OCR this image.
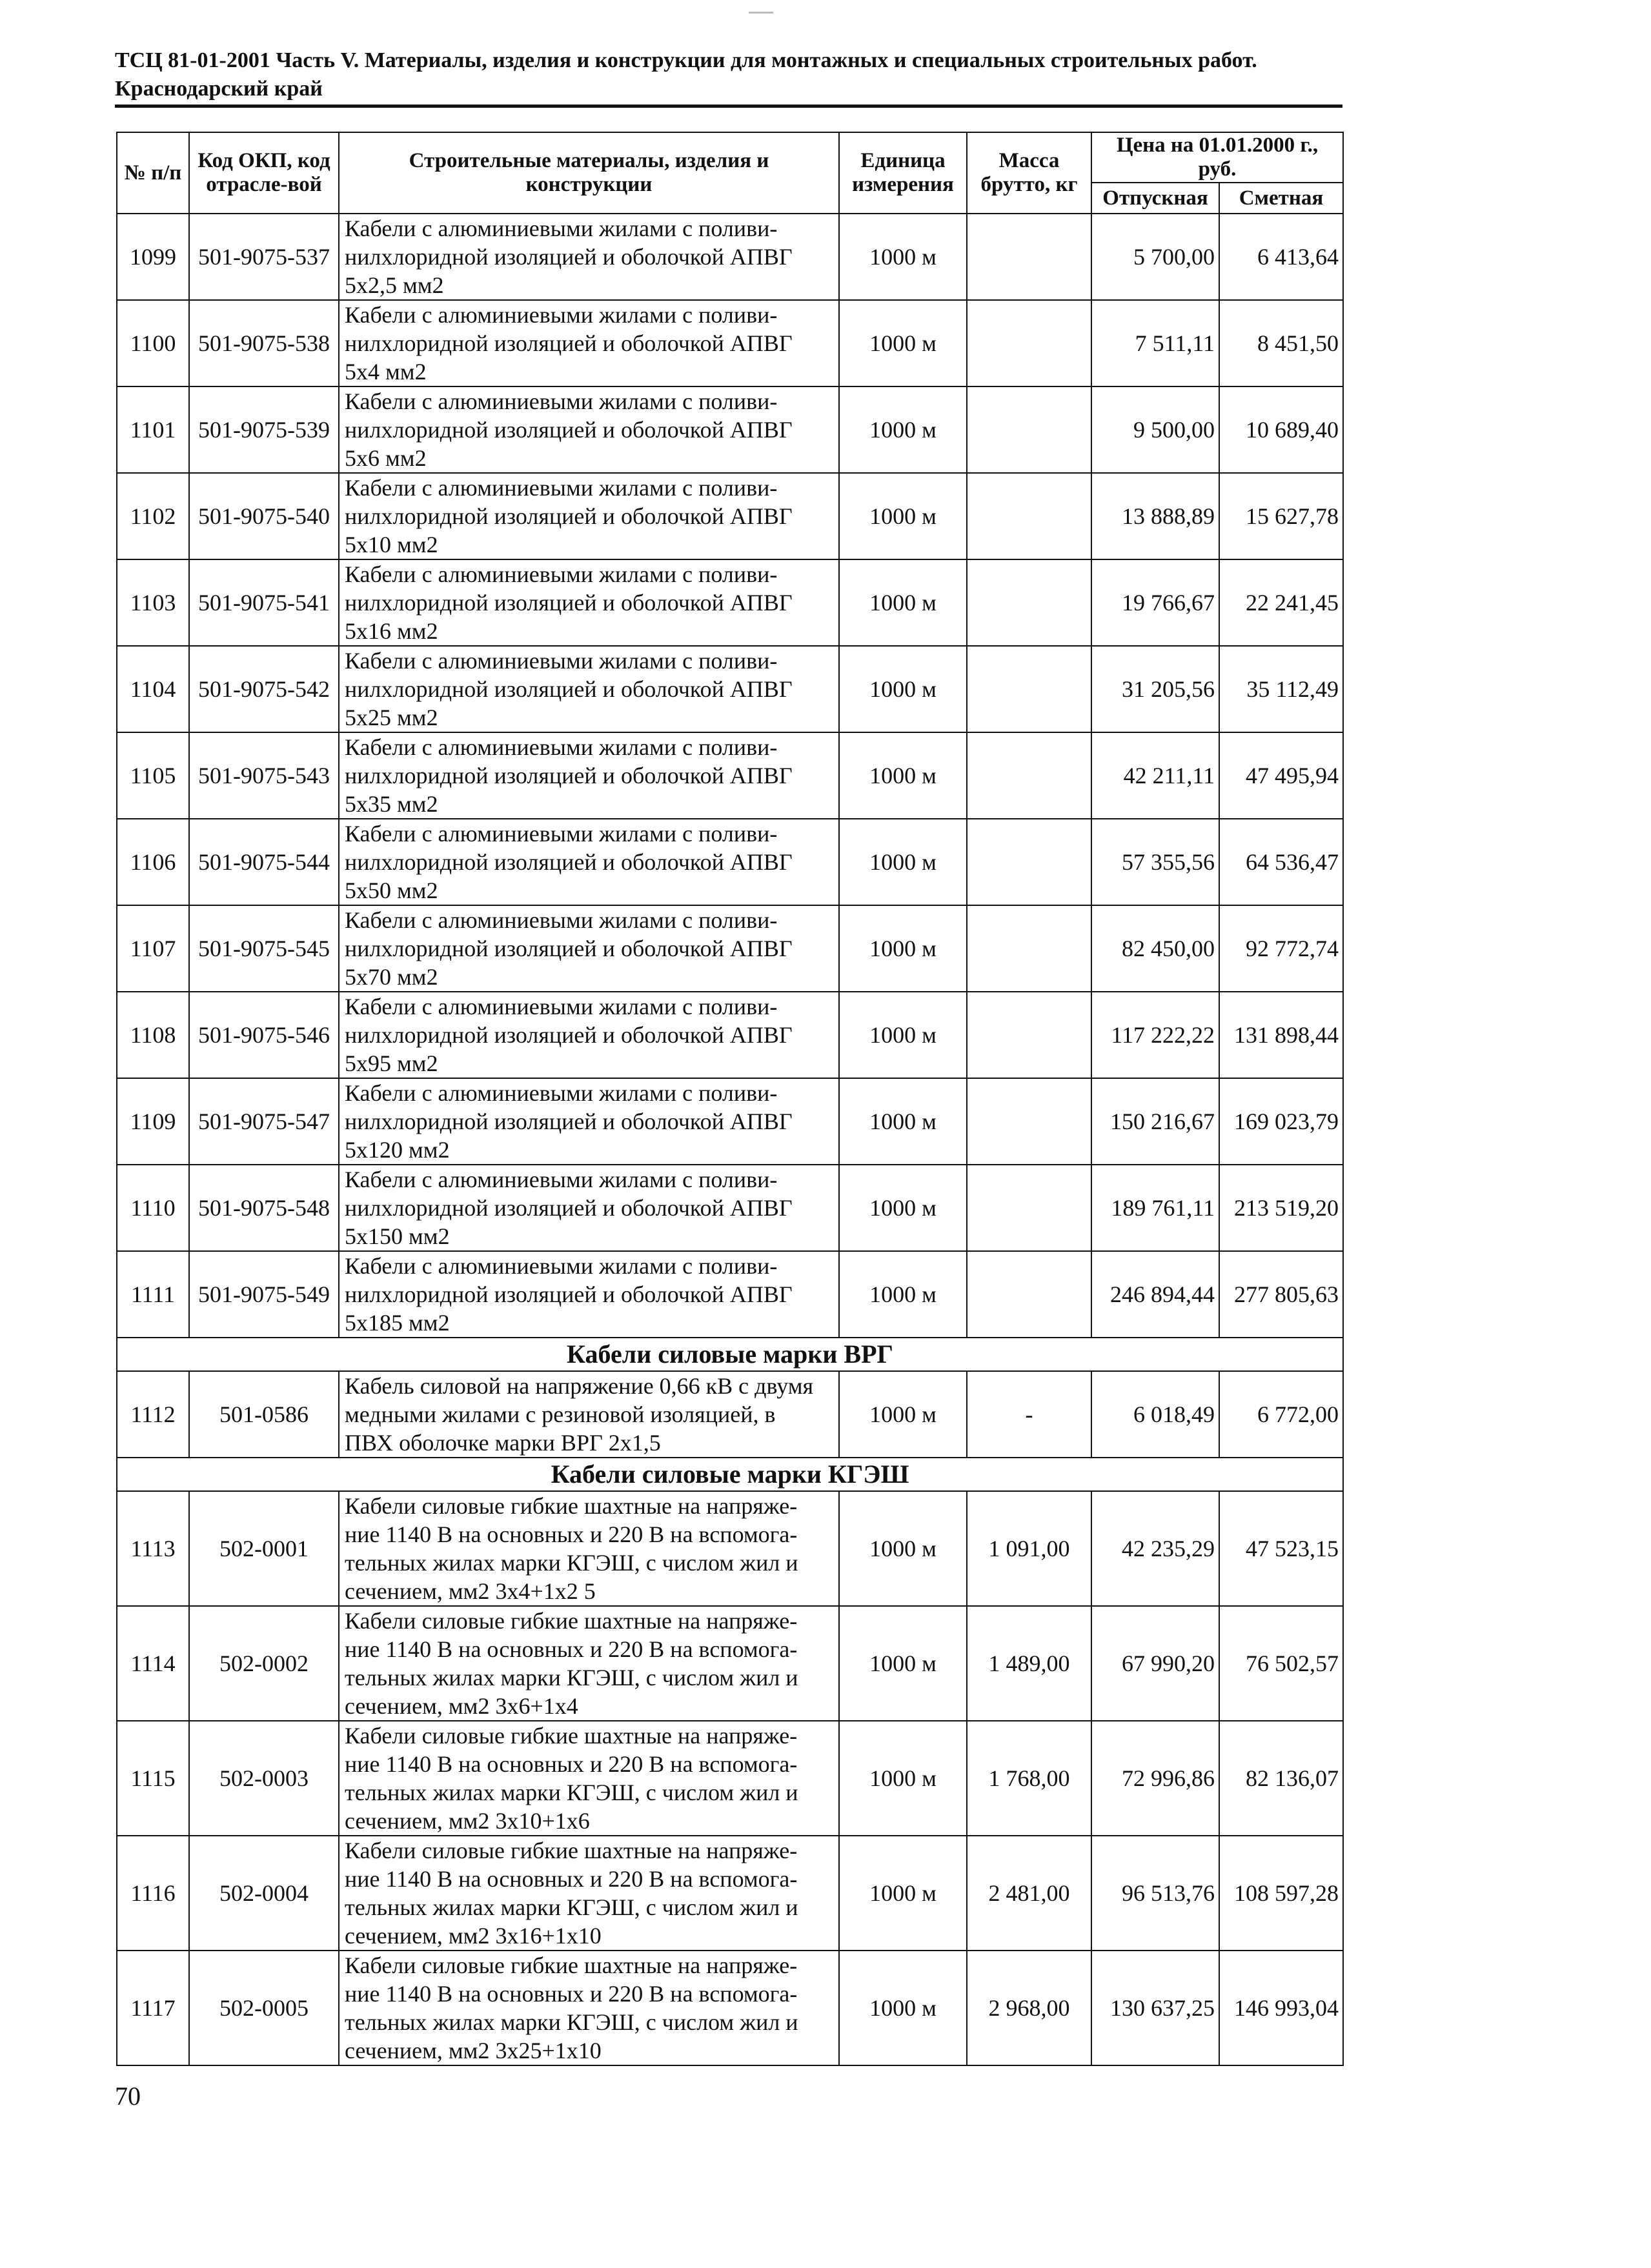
ТСЦ 81-01-2001 Часть V. Материалы, изделия и конструкции для монтажных и специальных строительных работ.
Краснодарский край
№ п/п	Код ОКП, код отрасле-вой	Строительные материалы, изделия и конструкции	Единица измерения	Масса брутто, кг	Цена на 01.01.2000 г., руб.	
					Отпускная	Сметная
1099	501-9075-537	Кабели с алюминиевыми жилами с поливи-
нилхлоридной изоляцией и оболочкой АПВГ
5х2,5 мм2	1000 м		5 700,00	6 413,64
1100	501-9075-538	Кабели с алюминиевыми жилами с поливи-
нилхлоридной изоляцией и оболочкой АПВГ
5х4 мм2	1000 м		7 511,11	8 451,50
1101	501-9075-539	Кабели с алюминиевыми жилами с поливи-
нилхлоридной изоляцией и оболочкой АПВГ
5х6 мм2	1000 м		9 500,00	10 689,40
1102	501-9075-540	Кабели с алюминиевыми жилами с поливи-
нилхлоридной изоляцией и оболочкой АПВГ
5х10 мм2	1000 м		13 888,89	15 627,78
1103	501-9075-541	Кабели с алюминиевыми жилами с поливи-
нилхлоридной изоляцией и оболочкой АПВГ
5х16 мм2	1000 м		19 766,67	22 241,45
1104	501-9075-542	Кабели с алюминиевыми жилами с поливи-
нилхлоридной изоляцией и оболочкой АПВГ
5х25 мм2	1000 м		31 205,56	35 112,49
1105	501-9075-543	Кабели с алюминиевыми жилами с поливи-
нилхлоридной изоляцией и оболочкой АПВГ
5х35 мм2	1000 м		42 211,11	47 495,94
1106	501-9075-544	Кабели с алюминиевыми жилами с поливи-
нилхлоридной изоляцией и оболочкой АПВГ
5х50 мм2	1000 м		57 355,56	64 536,47
1107	501-9075-545	Кабели с алюминиевыми жилами с поливи-
нилхлоридной изоляцией и оболочкой АПВГ
5х70 мм2	1000 м		82 450,00	92 772,74
1108	501-9075-546	Кабели с алюминиевыми жилами с поливи-
нилхлоридной изоляцией и оболочкой АПВГ
5х95 мм2	1000 м		117 222,22	131 898,44
1109	501-9075-547	Кабели с алюминиевыми жилами с поливи-
нилхлоридной изоляцией и оболочкой АПВГ
5х120 мм2	1000 м		150 216,67	169 023,79
1110	501-9075-548	Кабели с алюминиевыми жилами с поливи-
нилхлоридной изоляцией и оболочкой АПВГ
5х150 мм2	1000 м		189 761,11	213 519,20
1111	501-9075-549	Кабели с алюминиевыми жилами с поливи-
нилхлоридной изоляцией и оболочкой АПВГ
5х185 мм2	1000 м		246 894,44	277 805,63
Кабели силовые марки ВРГ						
1112	501-0586	Кабель силовой на напряжение 0,66 кВ с двумя
медными жилами с резиновой изоляцией, в
ПВХ оболочке марки ВРГ 2х1,5	1000 м	-	6 018,49	6 772,00
Кабели силовые марки КГЭШ						
1113	502-0001	Кабели силовые гибкие шахтные на напряже-
ние 1140 В на основных и 220 В на вспомога-
тельных жилах марки КГЭШ, с числом жил и
сечением, мм2 3х4+1х2 5	1000 м	1 091,00	42 235,29	47 523,15
1114	502-0002	Кабели силовые гибкие шахтные на напряже-
ние 1140 В на основных и 220 В на вспомога-
тельных жилах марки КГЭШ, с числом жил и
сечением, мм2 3х6+1х4	1000 м	1 489,00	67 990,20	76 502,57
1115	502-0003	Кабели силовые гибкие шахтные на напряже-
ние 1140 В на основных и 220 В на вспомога-
тельных жилах марки КГЭШ, с числом жил и
сечением, мм2 3х10+1х6	1000 м	1 768,00	72 996,86	82 136,07
1116	502-0004	Кабели силовые гибкие шахтные на напряже-
ние 1140 В на основных и 220 В на вспомога-
тельных жилах марки КГЭШ, с числом жил и
сечением, мм2 3х16+1х10	1000 м	2 481,00	96 513,76	108 597,28
1117	502-0005	Кабели силовые гибкие шахтные на напряже-
ние 1140 В на основных и 220 В на вспомога-
тельных жилах марки КГЭШ, с числом жил и
сечением, мм2 3х25+1х10	1000 м	2 968,00	130 637,25	146 993,04
70
